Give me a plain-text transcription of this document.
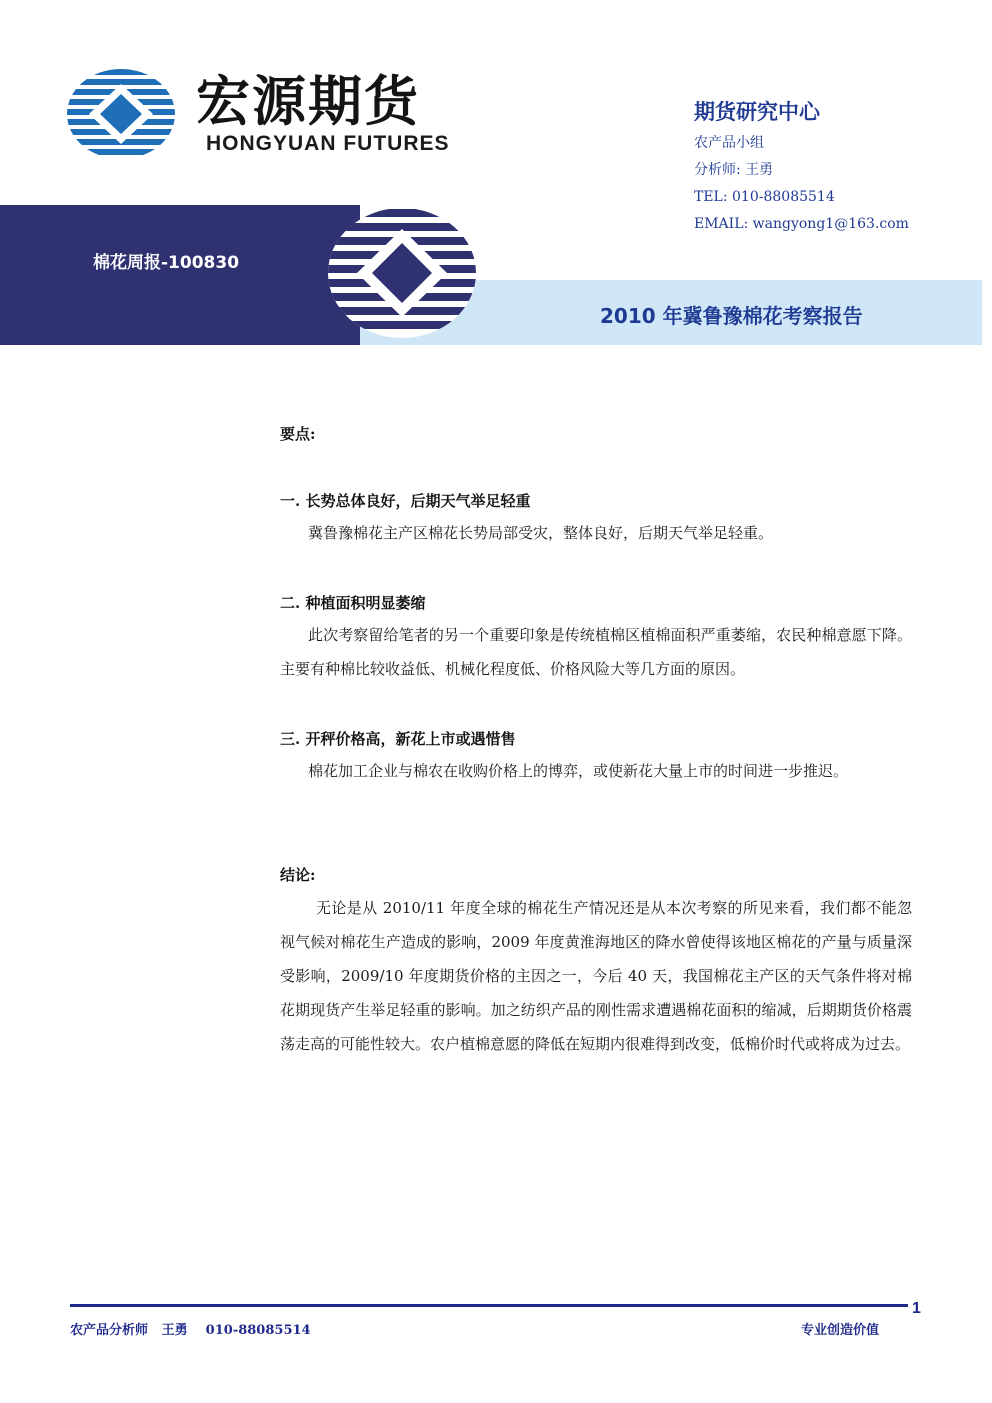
宏源期货
HONGYUAN FUTURES
期货研究中心
农产品小组
分析师: 王勇
TEL: 010-88085514
EMAIL: wangyong1@163.com
棉花周报-100830
2010 年冀鲁豫棉花考察报告
要点:
一. 长势总体良好，后期天气举足轻重
冀鲁豫棉花主产区棉花长势局部受灾，整体良好，后期天气举足轻重。
二. 种植面积明显萎缩
此次考察留给笔者的另一个重要印象是传统植棉区植棉面积严重萎缩，农民种棉意愿下降。主要有种棉比较收益低、机械化程度低、价格风险大等几方面的原因。
三. 开秤价格高，新花上市或遇惜售
棉花加工企业与棉农在收购价格上的博弈，或使新花大量上市的时间进一步推迟。
结论:
无论是从 2010/11 年度全球的棉花生产情况还是从本次考察的所见来看，我们都不能忽视气候对棉花生产造成的影响，2009 年度黄淮海地区的降水曾使得该地区棉花的产量与质量深受影响，2009/10 年度期货价格的主因之一，今后 40 天，我国棉花主产区的天气条件将对棉花期现货产生举足轻重的影响。加之纺织产品的刚性需求遭遇棉花面积的缩减，后期期货价格震荡走高的可能性较大。农户植棉意愿的降低在短期内很难得到改变，低棉价时代或将成为过去。
1
农产品分析师   王勇    010-88085514	专业创造价值
